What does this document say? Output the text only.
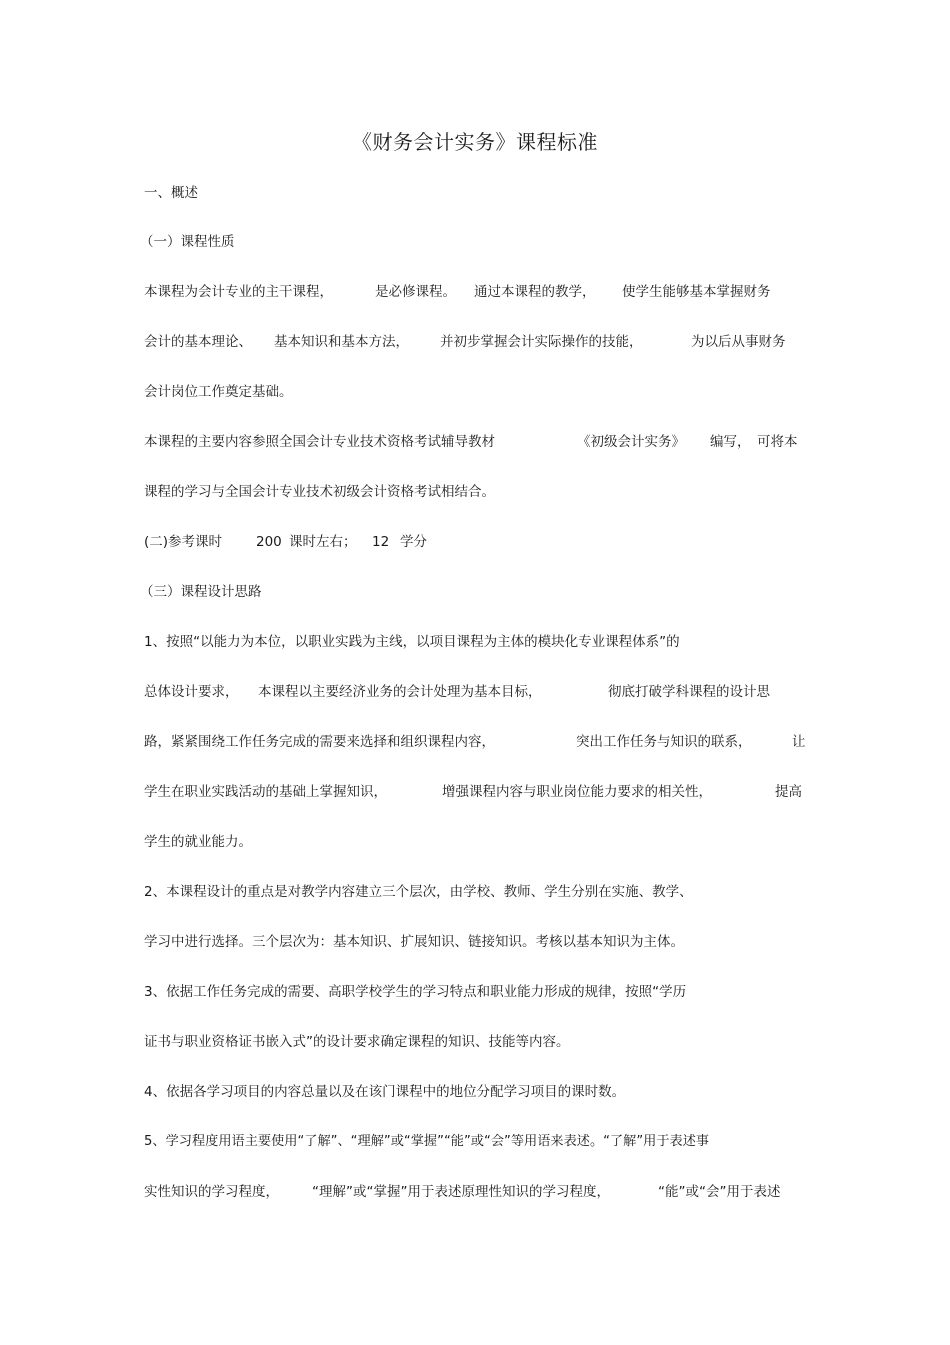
《财务会计实务》课程标准
一、概述
（一）课程性质
本课程为会计专业的主干课程，	是必修课程。 通过本课程的教学， 使学生能够基本掌握财务
会计的基本理论、 基本知识和基本方法， 并初步掌握会计实际操作的技能，	为以后从事财务
会计岗位工作奠定基础。
本课程的主要内容参照全国会计专业技术资格考试辅导教材	《初级会计实务》 编写， 可将本
课程的学习与全国会计专业技术初级会计资格考试相结合。
(二)参考课时	200 课时左右； 12 学分
（三）课程设计思路
1、按照“以能力为本位，以职业实践为主线，以项目课程为主体的模块化专业课程体系”的
总体设计要求， 本课程以主要经济业务的会计处理为基本目标，	彻底打破学科课程的设计思
路，紧紧围绕工作任务完成的需要来选择和组织课程内容，	突出工作任务与知识的联系，	让
学生在职业实践活动的基础上掌握知识，	增强课程内容与职业岗位能力要求的相关性，	提高
学生的就业能力。
2、本课程设计的重点是对教学内容建立三个层次，由学校、教师、学生分别在实施、教学、
学习中进行选择。三个层次为：基本知识、扩展知识、链接知识。考核以基本知识为主体。
3、依据工作任务完成的需要、高职学校学生的学习特点和职业能力形成的规律，按照“学历
证书与职业资格证书嵌入式”的设计要求确定课程的知识、技能等内容。
4、依据各学习项目的内容总量以及在该门课程中的地位分配学习项目的课时数。
5、学习程度用语主要使用“了解”、“理解”或“掌握”“能”或“会”等用语来表述。“了解”用于表述事
实性知识的学习程度， “理解”或“掌握”用于表述原理性知识的学习程度，	“能”或“会”用于表述
